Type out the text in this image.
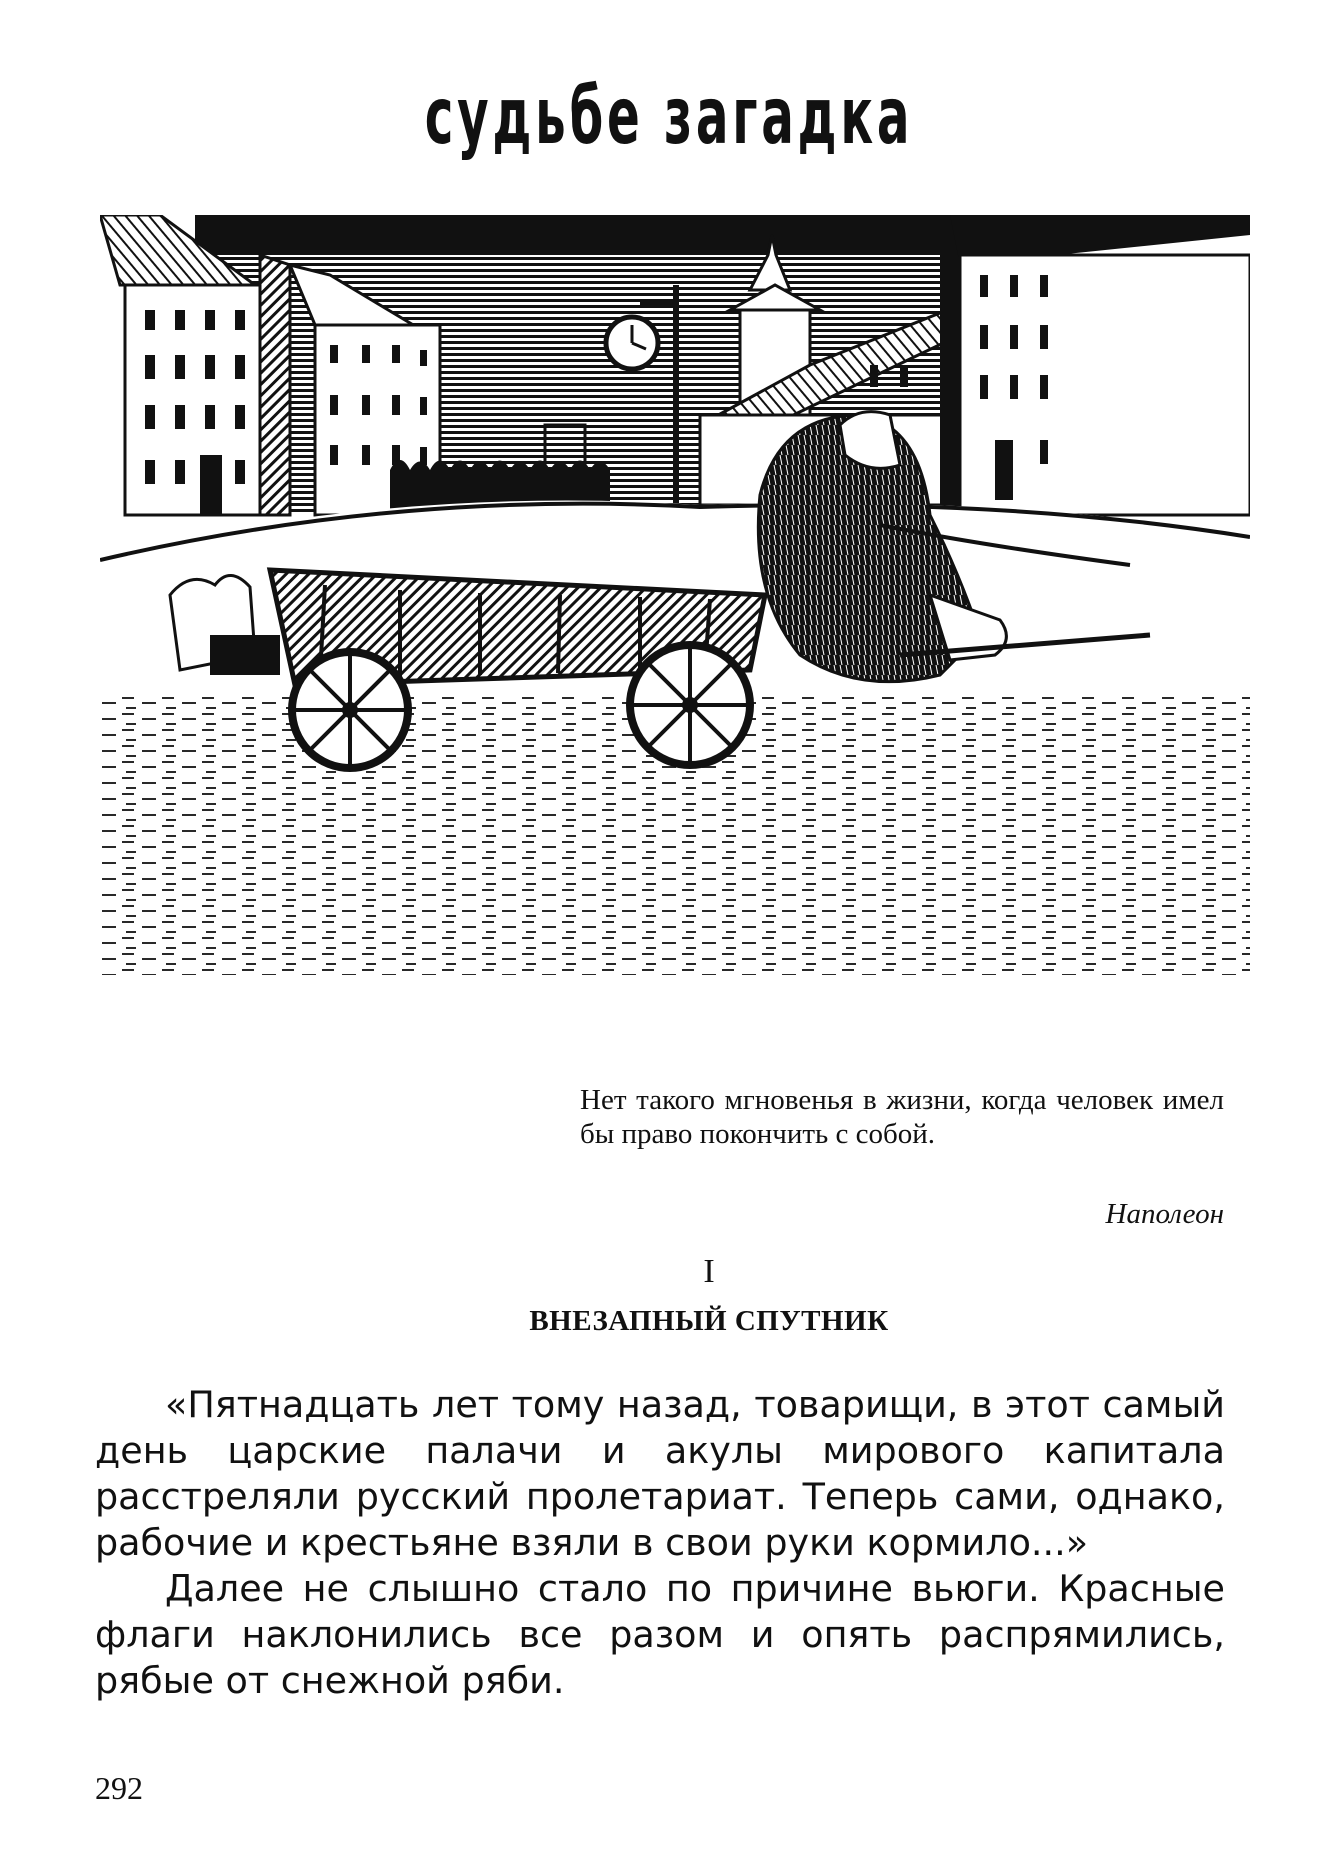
судьбе загадка
Нет такого мгновенья в жизни, когда человек имел бы право покончить с собой.
Наполеон
I
ВНЕЗАПНЫЙ СПУТНИК

«Пятнадцать лет тому назад, товарищи, в этот самый день царские палачи и акулы мирового капитала расстреляли русский пролетариат. Теперь сами, однако, рабочие и крестьяне взяли в свои руки кормило...»

Далее не слышно стало по причине вьюги. Красные флаги наклонились все разом и опять распрямились, рябые от снежной ряби.

292
